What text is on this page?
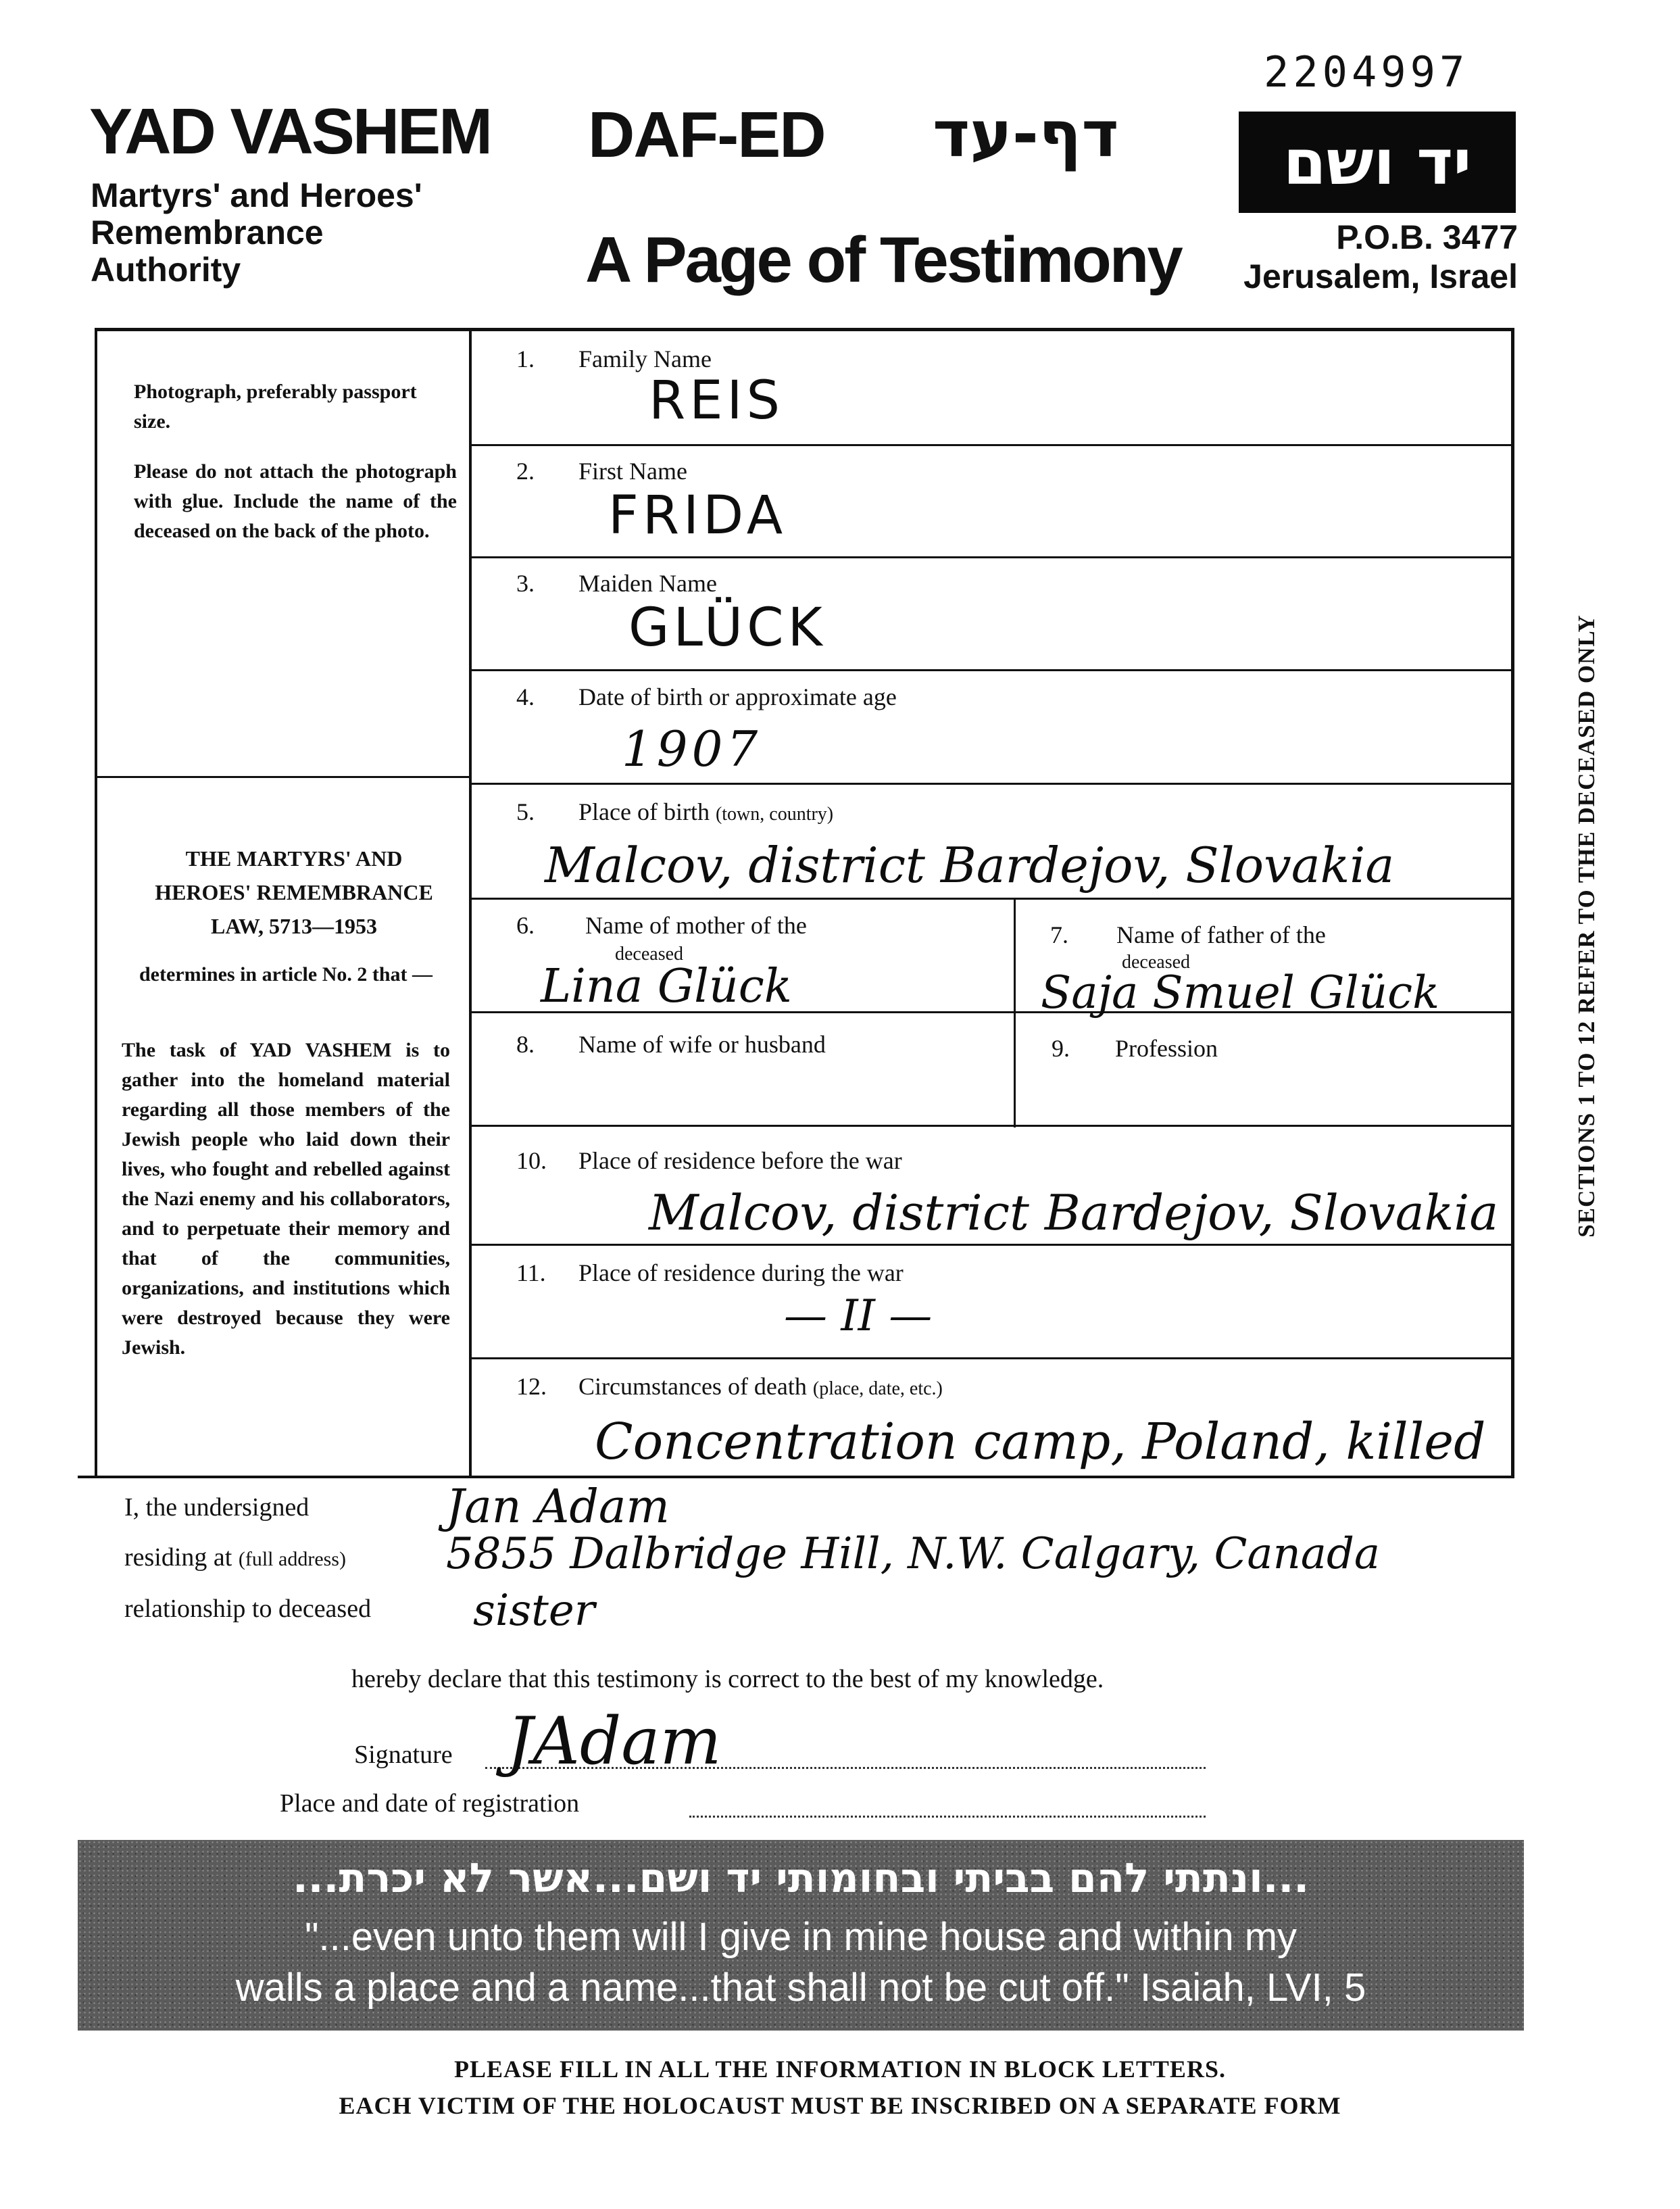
2204997
YAD VASHEM
Martyrs' and Heroes'
Remembrance
Authority
DAF-ED דף-עד
A Page of Testimony
יד ושם
P.O.B. 3477
Jerusalem, Israel
SECTIONS 1 TO 12 REFER TO THE DECEASED ONLY
Photograph, preferably passport size.
Please do not attach the photograph with glue. Include the name of the deceased on the back of the photo.
THE MARTYRS' AND
HEROES' REMEMBRANCE
LAW, 5713—1953
determines in article No. 2 that —
The task of YAD VASHEM is to gather into the homeland material regarding all those members of the Jewish people who laid down their lives, who fought and rebelled against the Nazi enemy and his collaborators, and to perpetuate their memory and that of the communities, organizations, and institutions which were destroyed because they were Jewish.
1. Family Name
REIS
2. First Name
FRIDA
3. Maiden Name
GLÜCK
4. Date of birth or approximate age
1907
5. Place of birth (town, country)
Malcov, district Bardejov, Slovakia
6. Name of mother of the
deceased
Lina Glück
7. Name of father of the
deceased
Saja Smuel Glück
8. Name of wife or husband	9. Profession
10. Place of residence before the war
Malcov, district Bardejov, Slovakia
11. Place of residence during the war
— II —
12. Circumstances of death (place, date, etc.)
Concentration camp, Poland, killed
I, the undersigned	Jan Adam
residing at (full address) 5855 Dalbridge Hill, N.W. Calgary, Canada
relationship to deceased sister
hereby declare that this testimony is correct to the best of my knowledge.
Signature JAdam
Place and date of registration
...ונתתי להם בביתי ובחומותי יד ושם...אשר לא יכרת...
"...even unto them will I give in mine house and within my
walls a place and a name...that shall not be cut off." Isaiah, LVI, 5
PLEASE FILL IN ALL THE INFORMATION IN BLOCK LETTERS.
EACH VICTIM OF THE HOLOCAUST MUST BE INSCRIBED ON A SEPARATE FORM
